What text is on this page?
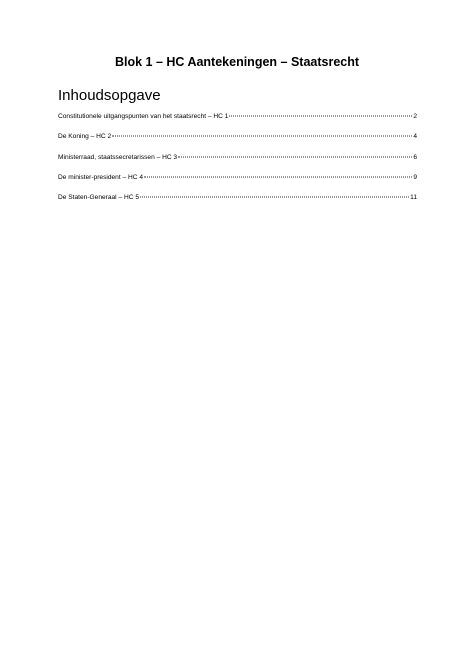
Blok 1 – HC Aantekeningen – Staatsrecht
Inhoudsopgave
Constitutionele uitgangspunten van het staatsrecht – HC 1	2
De Koning – HC 2	4
Ministerraad, staatssecretarissen – HC 3	6
De minister-president – HC 4	9
De Staten-Generaal – HC 5	11
